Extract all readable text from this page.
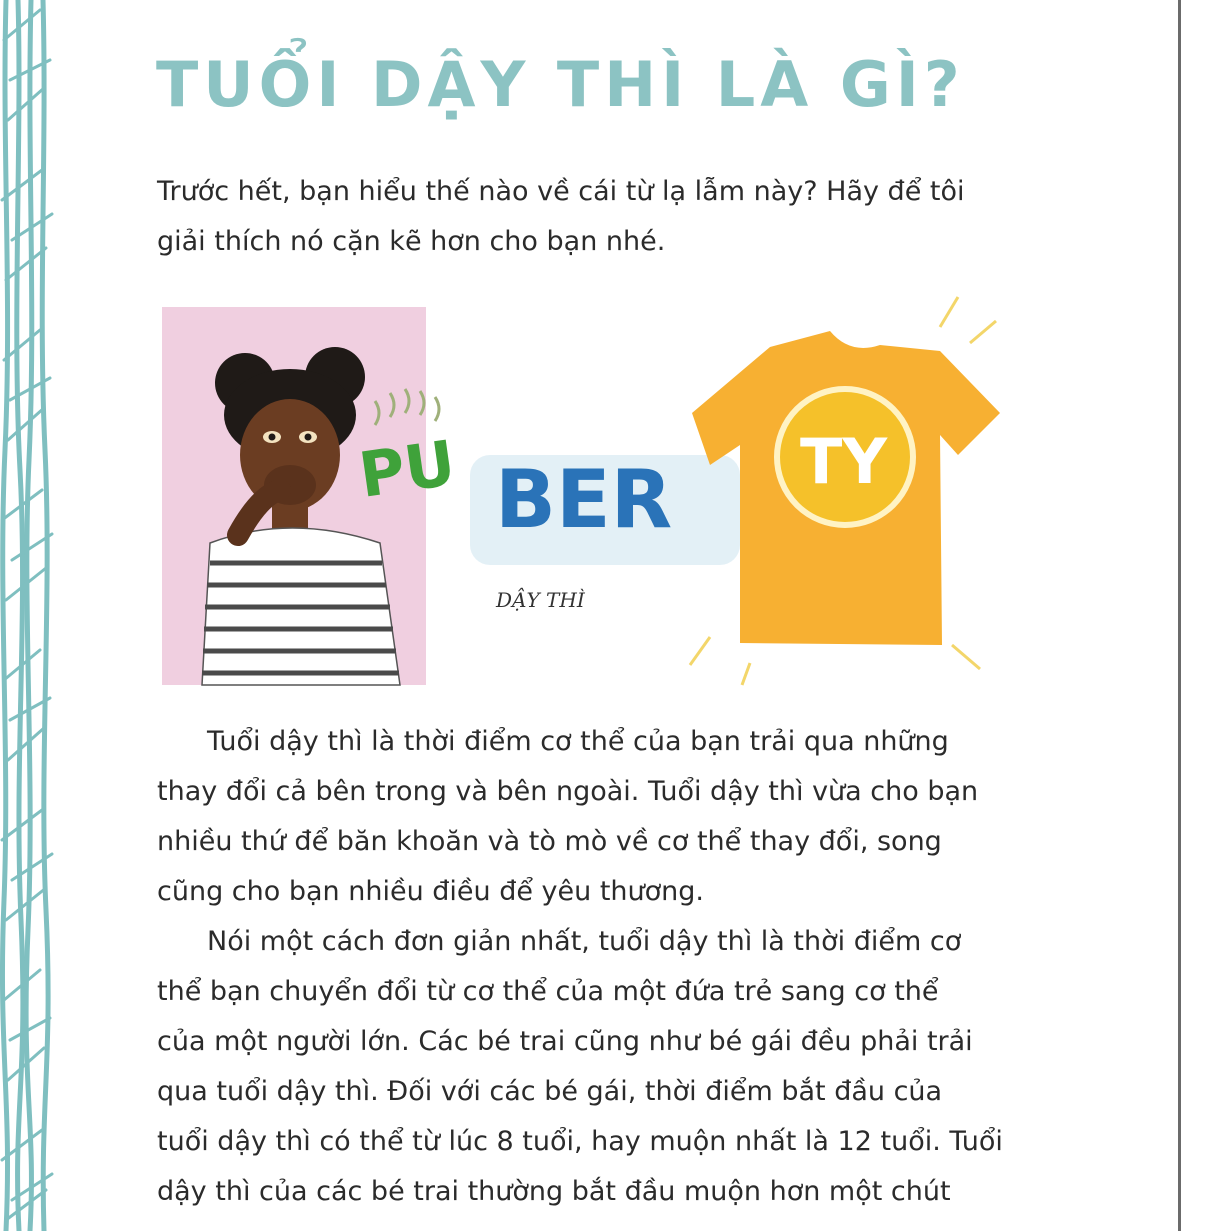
TUỔI DẬY THÌ LÀ GÌ?

Trước hết, bạn hiểu thế nào về cái từ lạ lẫm này? Hãy để tôi
giải thích nó cặn kẽ hơn cho bạn nhé.

PU BER TY
DẬY THÌ

Tuổi dậy thì là thời điểm cơ thể của bạn trải qua những
thay đổi cả bên trong và bên ngoài. Tuổi dậy thì vừa cho bạn
nhiều thứ để băn khoăn và tò mò về cơ thể thay đổi, song
cũng cho bạn nhiều điều để yêu thương.

Nói một cách đơn giản nhất, tuổi dậy thì là thời điểm cơ
thể bạn chuyển đổi từ cơ thể của một đứa trẻ sang cơ thể
của một người lớn. Các bé trai cũng như bé gái đều phải trải
qua tuổi dậy thì. Đối với các bé gái, thời điểm bắt đầu của
tuổi dậy thì có thể từ lúc 8 tuổi, hay muộn nhất là 12 tuổi. Tuổi
dậy thì của các bé trai thường bắt đầu muộn hơn một chút
